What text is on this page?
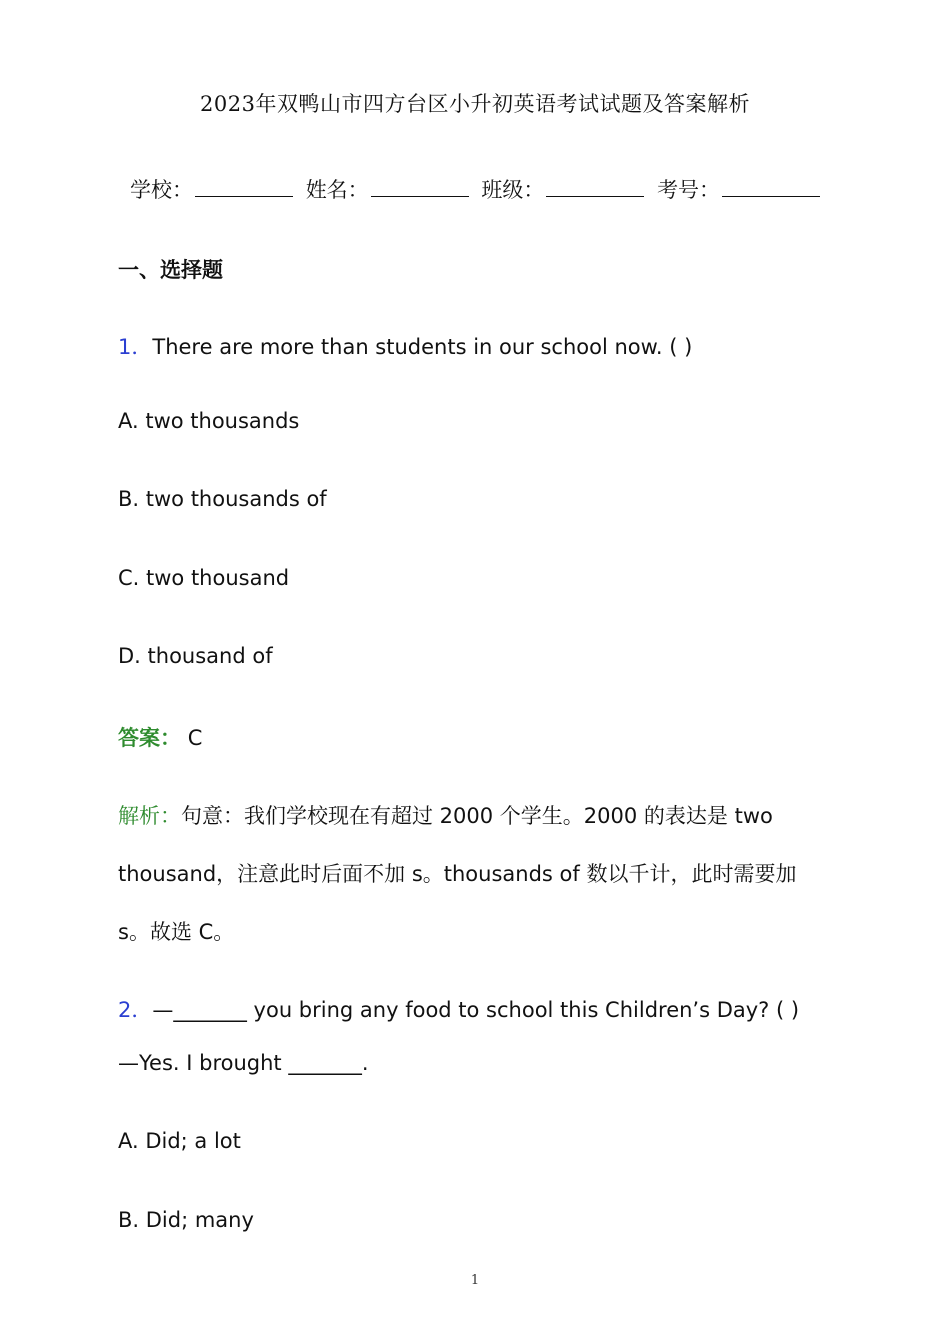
2023年双鸭山市四方台区小升初英语考试试题及答案解析
学校：	姓名：	班级：	考号：
一、选择题
1．There are more than students in our school now. ( )
A. two thousands
B. two thousands of
C. two thousand
D. thousand of
答案： C
解析：句意：我们学校现在有超过 2000 个学生。2000 的表达是 two
thousand，注意此时后面不加 s。thousands of 数以千计，此时需要加
s。故选 C。
2．—_______ you bring any food to school this Children’s Day? ( )
—Yes. I brought _______.
A. Did; a lot
B. Did; many
1
